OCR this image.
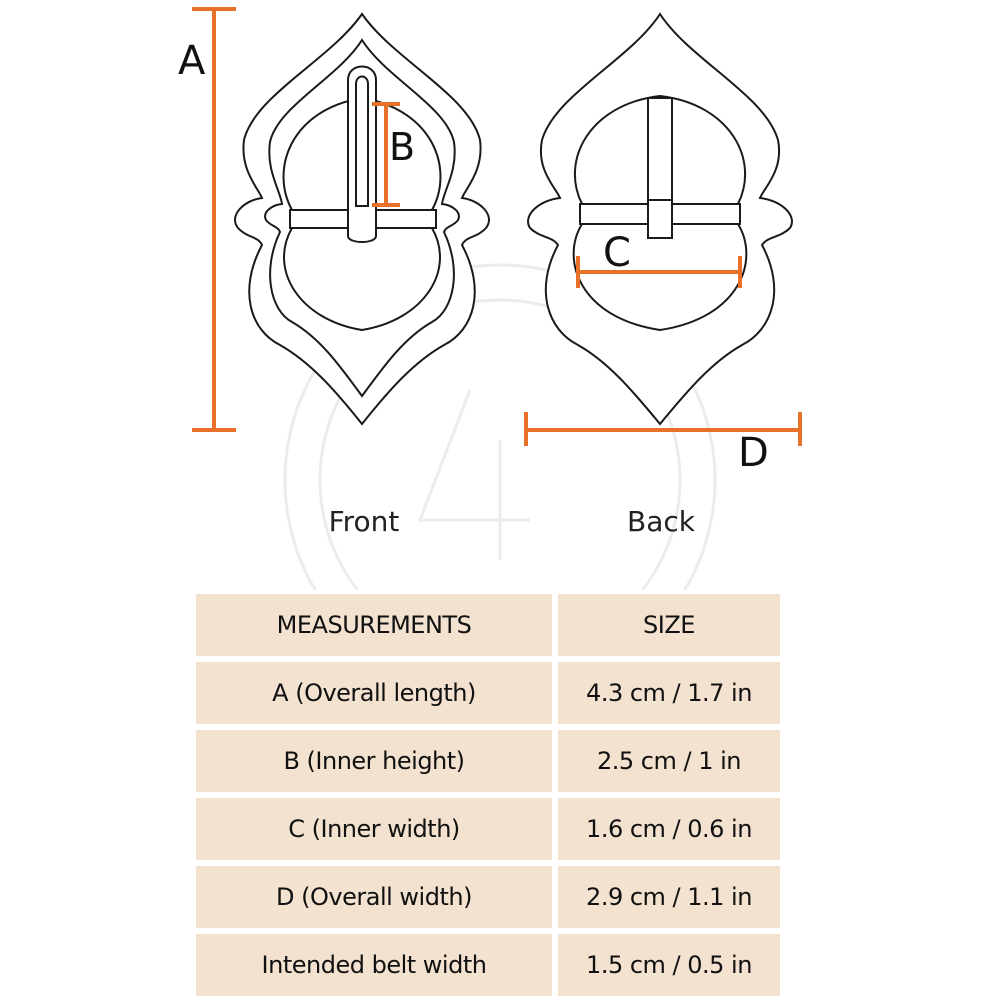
A
B
C
D
Front	Back
MEASUREMENTS	SIZE
A (Overall length)	4.3 cm / 1.7 in
B (Inner height)	2.5 cm / 1 in
C (Inner width)	1.6 cm / 0.6 in
D (Overall width)	2.9 cm / 1.1 in
Intended belt width	1.5 cm / 0.5 in
